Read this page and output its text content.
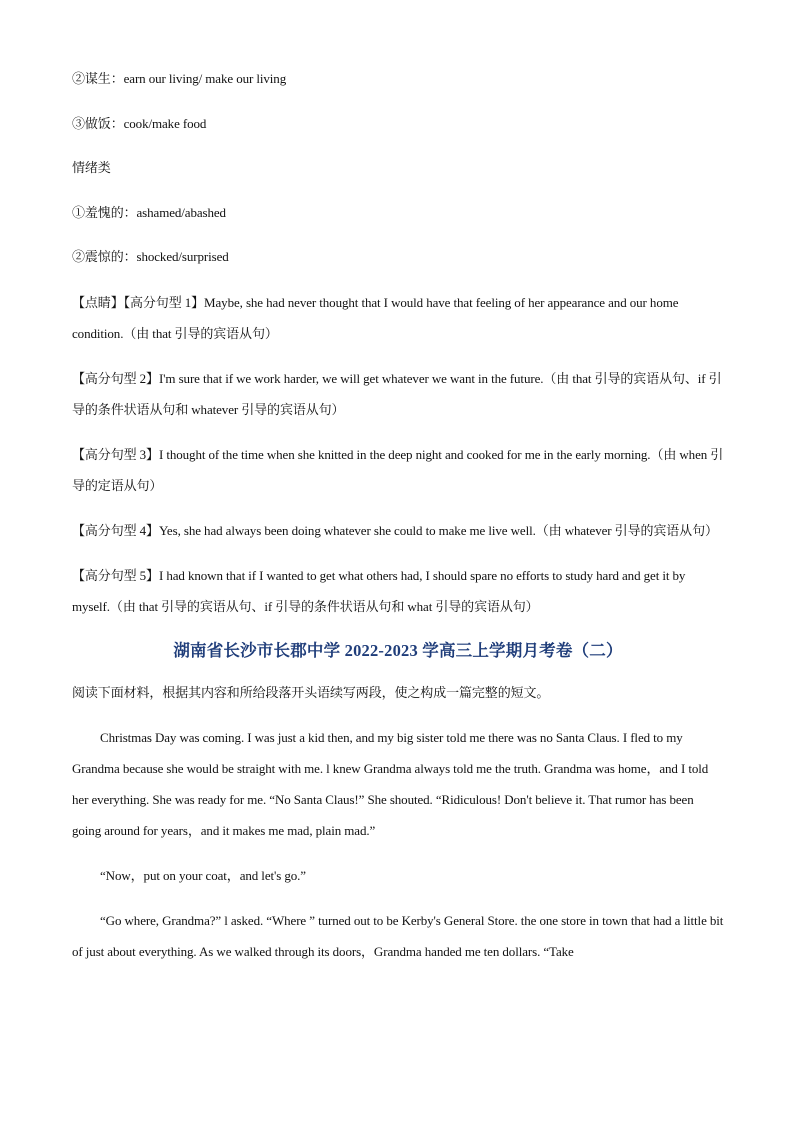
②谋生：earn our living/ make our living

③做饭：cook/make food

情绪类

①羞愧的：ashamed/abashed

②震惊的：shocked/surprised

【点睛】【高分句型 1】Maybe, she had never thought that I would have that feeling of her appearance and our home condition.（由 that 引导的宾语从句）

【高分句型 2】I'm sure that if we work harder, we will get whatever we want in the future.（由 that 引导的宾语从句、if 引导的条件状语从句和 whatever 引导的宾语从句）

【高分句型 3】I thought of the time when she knitted in the deep night and cooked for me in the early morning.（由 when 引导的定语从句）

【高分句型 4】Yes, she had always been doing whatever she could to make me live well.（由 whatever 引导的宾语从句）

【高分句型 5】I had known that if I wanted to get what others had, I should spare no efforts to study hard and get it by myself.（由 that 引导的宾语从句、if 引导的条件状语从句和 what 引导的宾语从句）

湖南省长沙市长郡中学 2022-2023 学高三上学期月考卷（二）

阅读下面材料，根据其内容和所给段落开头语续写两段，使之构成一篇完整的短文。

Christmas Day was coming. I was just a kid then, and my big sister told me there was no Santa Claus. I fled to my Grandma because she would be straight with me. l knew Grandma always told me the truth. Grandma was home，and I told her everything. She was ready for me. “No Santa Claus!” She shouted. “Ridiculous! Don't believe it. That rumor has been going around for years，and it makes me mad, plain mad.”

“Now，put on your coat，and let's go.”

“Go where, Grandma?” l asked. “Where ” turned out to be Kerby's General Store. the one store in town that had a little bit of just about everything. As we walked through its doors，Grandma handed me ten dollars. “Take
